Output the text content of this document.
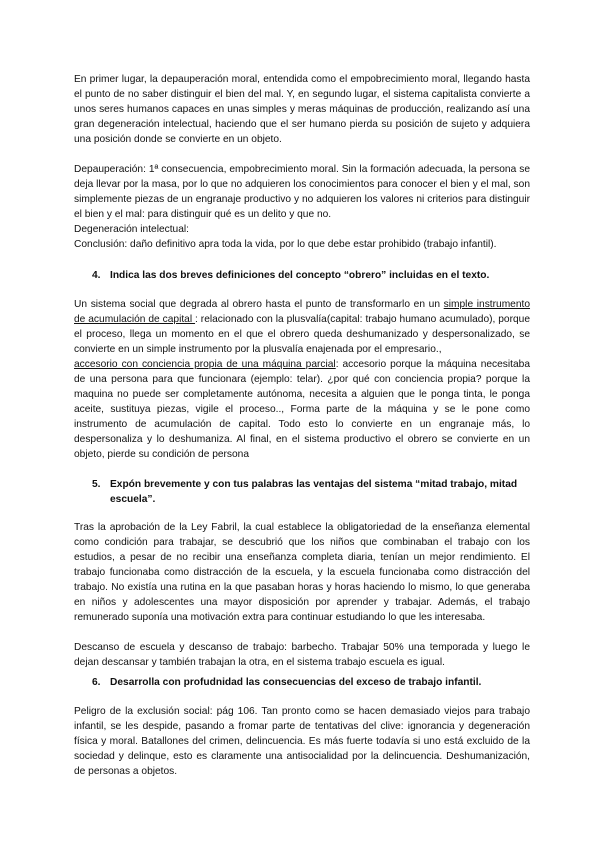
En primer lugar, la depauperación moral, entendida como el empobrecimiento moral, llegando hasta el punto de no saber distinguir el bien del mal. Y, en segundo lugar, el sistema capitalista convierte a unos seres humanos capaces en unas simples y meras máquinas de producción, realizando así una gran degeneración intelectual, haciendo que el ser humano pierda su posición de sujeto y adquiera una posición donde se convierte en un objeto.

Depauperación: 1ª consecuencia, empobrecimiento moral. Sin la formación adecuada, la persona se deja llevar por la masa, por lo que no adquieren los conocimientos para conocer el bien y el mal, son simplemente piezas de un engranaje productivo y no adquieren los valores ni criterios para distinguir el bien y el mal: para distinguir qué es un delito y que no.

Degeneración intelectual:

Conclusión: daño definitivo apra toda la vida, por lo que debe estar prohibido (trabajo infantil).

4. Indica las dos breves definiciones del concepto “obrero” incluidas en el texto.

Un sistema social que degrada al obrero hasta el punto de transformarlo en un simple instrumento de acumulación de capital : relacionado con la plusvalía(capital: trabajo humano acumulado), porque el proceso, llega un momento en el que el obrero queda deshumanizado y despersonalizado, se convierte en un simple instrumento por la plusvalía enajenada por el empresario.,

accesorio con conciencia propia de una máquina parcial: accesorio porque la máquina necesitaba de una persona para que funcionara (ejemplo: telar). ¿por qué con conciencia propia? porque la maquina no puede ser completamente autónoma, necesita a alguien que le ponga tinta, le ponga aceite, sustituya piezas, vigile el proceso.., Forma parte de la máquina y se le pone como instrumento de acumulación de capital. Todo esto lo convierte en un engranaje más, lo despersonaliza y lo deshumaniza. Al final, en el sistema productivo el obrero se convierte en un objeto, pierde su condición de persona

5. Expón brevemente y con tus palabras las ventajas del sistema “mitad trabajo, mitad escuela”.

Tras la aprobación de la Ley Fabril, la cual establece la obligatoriedad de la enseñanza elemental como condición para trabajar, se descubrió que los niños que combinaban el trabajo con los estudios, a pesar de no recibir una enseñanza completa diaria, tenían un mejor rendimiento. El trabajo funcionaba como distracción de la escuela, y la escuela funcionaba como distracción del trabajo. No existía una rutina en la que pasaban horas y horas haciendo lo mismo, lo que generaba en niños y adolescentes una mayor disposición por aprender y trabajar. Además, el trabajo remunerado suponía una motivación extra para continuar estudiando lo que les interesaba.

Descanso de escuela y descanso de trabajo: barbecho. Trabajar 50% una temporada y luego le dejan descansar y también trabajan la otra, en el sistema trabajo escuela es igual.

6. Desarrolla con profudnidad las consecuencias del exceso de trabajo infantil.

Peligro de la exclusión social: pág 106. Tan pronto como se hacen demasiado viejos para trabajo infantil, se les despide, pasando a fromar parte de tentativas del clive: ignorancia y degeneración física y moral. Batallones del crimen, delincuencia. Es más fuerte todavía si uno está excluido de la sociedad y delinque, esto es claramente una antisocialidad por la delincuencia. Deshumanización, de personas a objetos.
